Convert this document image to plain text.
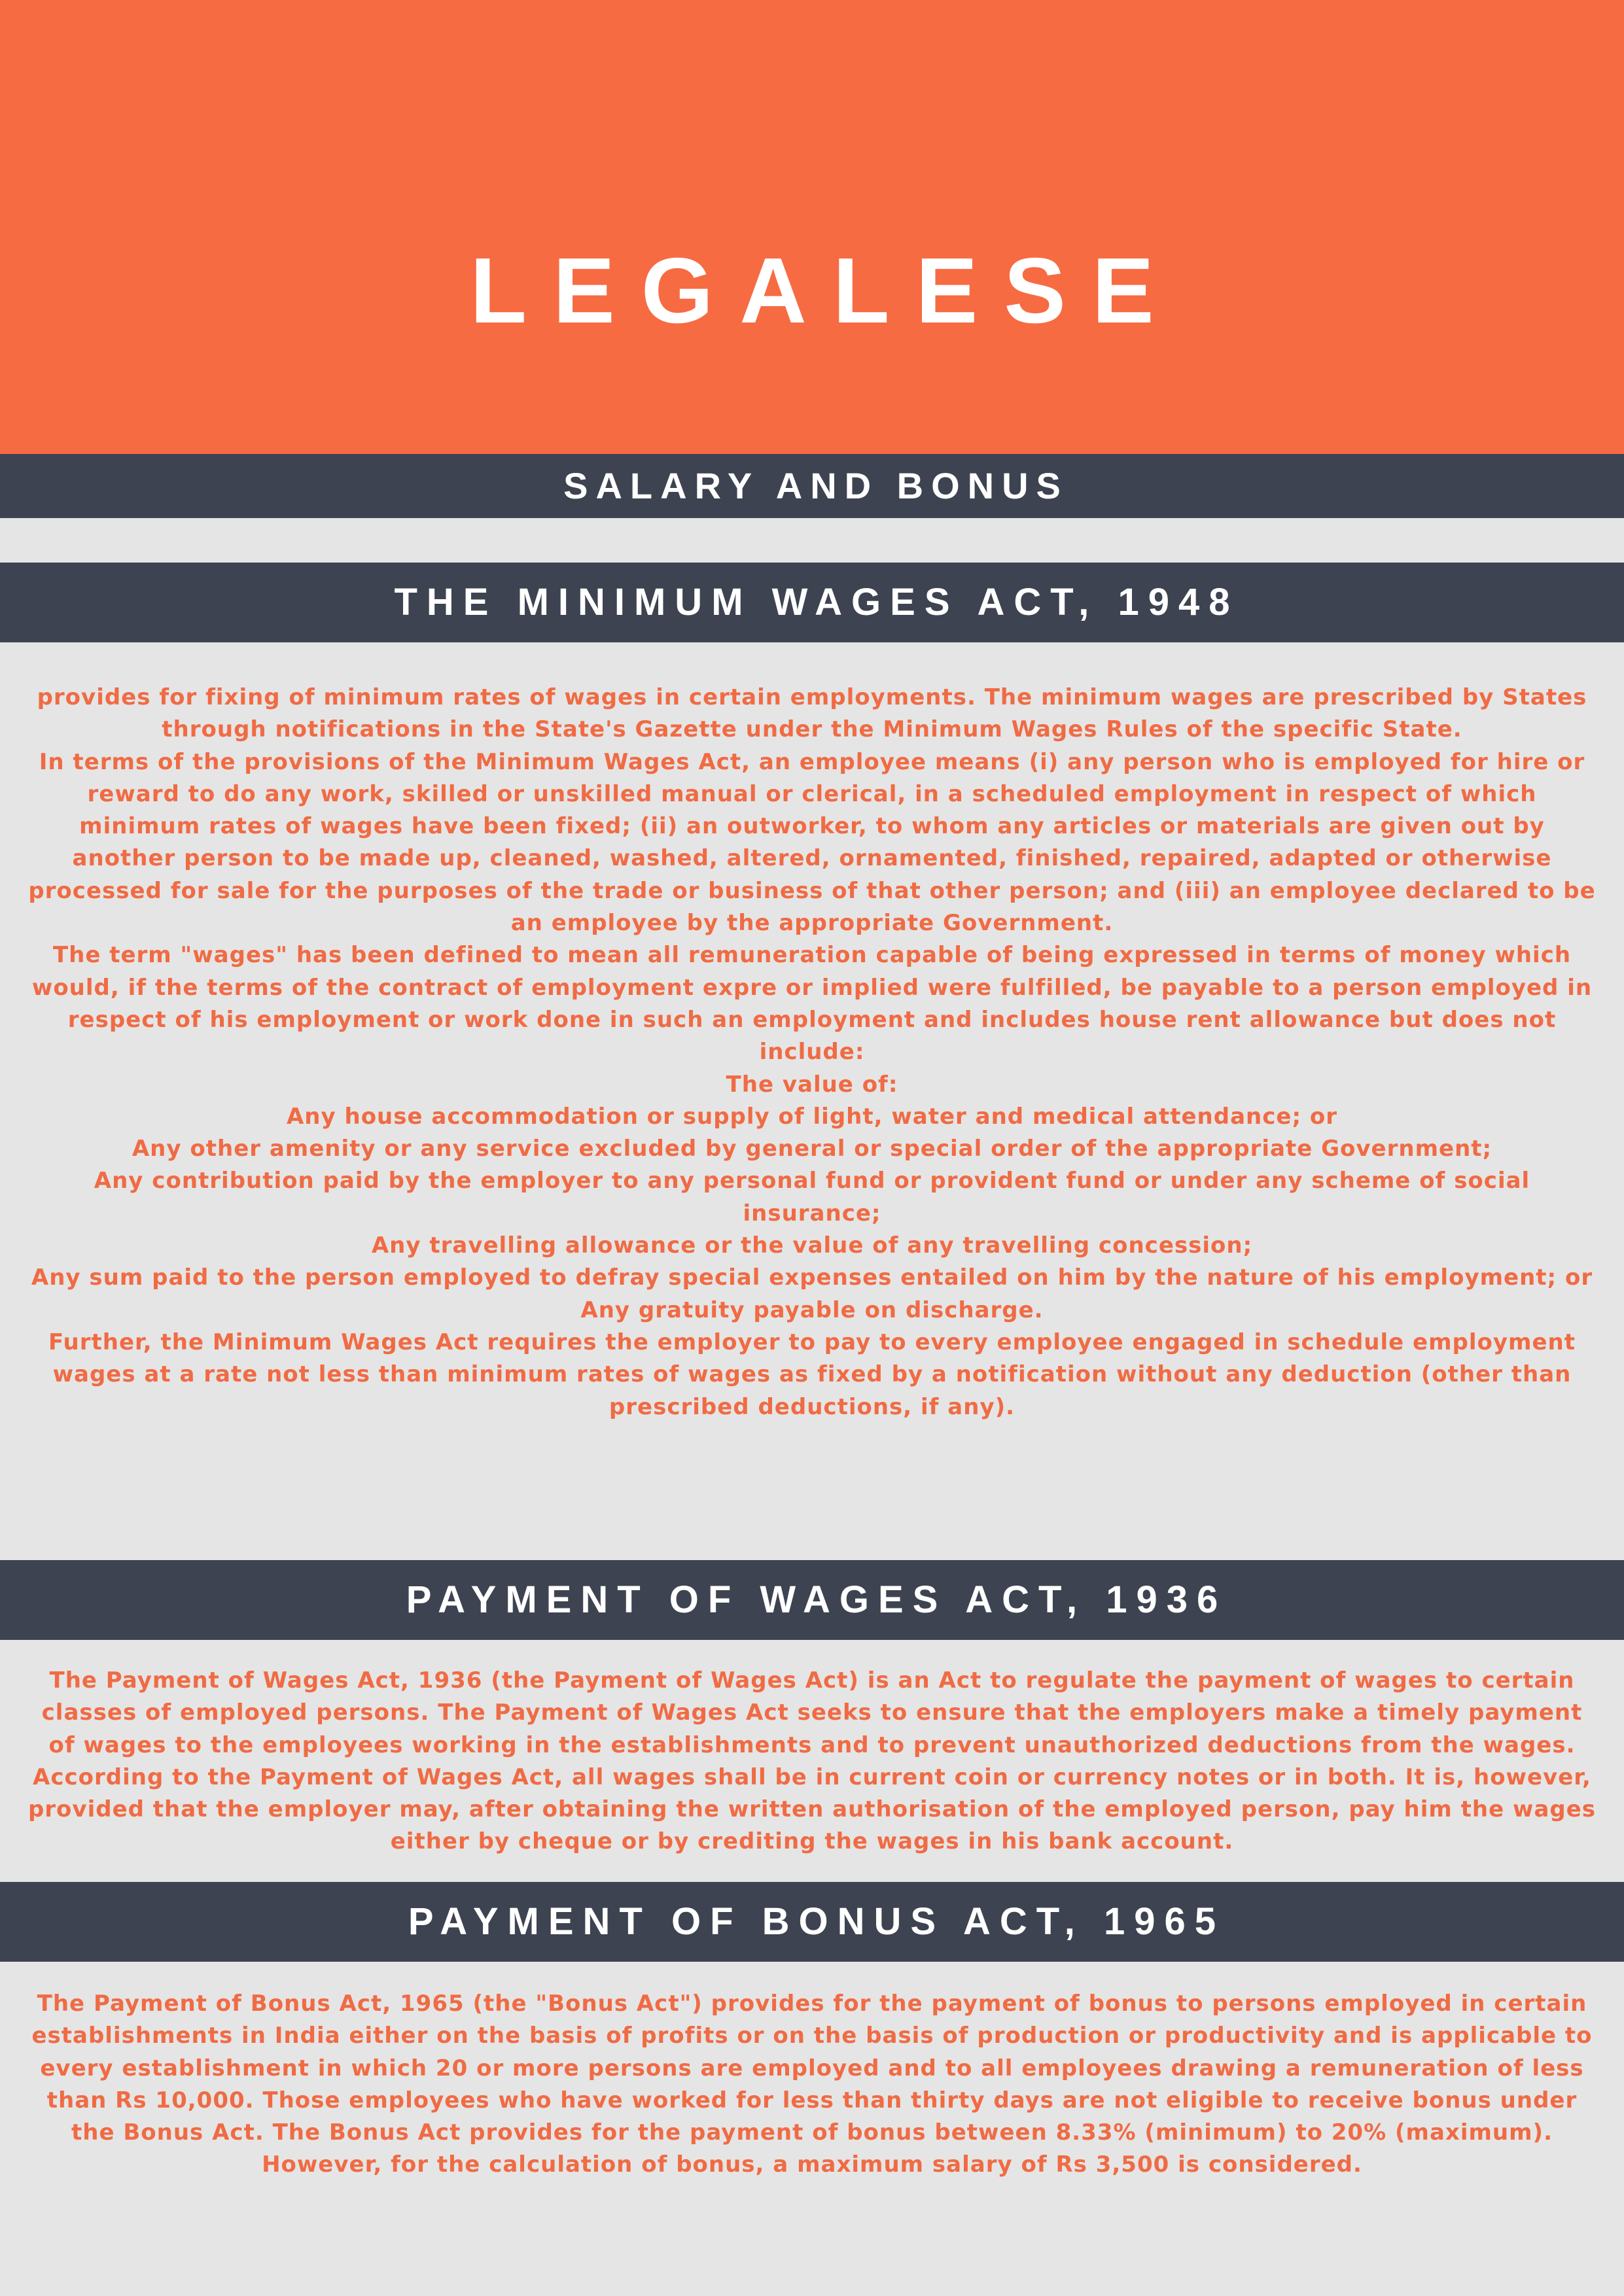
LEGALESE
SALARY AND BONUS
THE MINIMUM WAGES ACT, 1948

provides for fixing of minimum rates of wages in certain employments. The minimum wages are prescribed by States through notifications in the State's Gazette under the Minimum Wages Rules of the specific State.

In terms of the provisions of the Minimum Wages Act, an employee means (i) any person who is employed for hire or reward to do any work, skilled or unskilled manual or clerical, in a scheduled employment in respect of which minimum rates of wages have been fixed; (ii) an outworker, to whom any articles or materials are given out by another person to be made up, cleaned, washed, altered, ornamented, finished, repaired, adapted or otherwise processed for sale for the purposes of the trade or business of that other person; and (iii) an employee declared to be an employee by the appropriate Government.

The term "wages" has been defined to mean all remuneration capable of being expressed in terms of money which would, if the terms of the contract of employment expre or implied were fulfilled, be payable to a person employed in respect of his employment or work done in such an employment and includes house rent allowance but does not include:

The value of:

Any house accommodation or supply of light, water and medical attendance; or

Any other amenity or any service excluded by general or special order of the appropriate Government;

Any contribution paid by the employer to any personal fund or provident fund or under any scheme of social insurance;

Any travelling allowance or the value of any travelling concession;

Any sum paid to the person employed to defray special expenses entailed on him by the nature of his employment; or

Any gratuity payable on discharge.

Further, the Minimum Wages Act requires the employer to pay to every employee engaged in schedule employment wages at a rate not less than minimum rates of wages as fixed by a notification without any deduction (other than prescribed deductions, if any).

PAYMENT OF WAGES ACT, 1936

The Payment of Wages Act, 1936 (the Payment of Wages Act) is an Act to regulate the payment of wages to certain classes of employed persons. The Payment of Wages Act seeks to ensure that the employers make a timely payment of wages to the employees working in the establishments and to prevent unauthorized deductions from the wages. According to the Payment of Wages Act, all wages shall be in current coin or currency notes or in both. It is, however, provided that the employer may, after obtaining the written authorisation of the employed person, pay him the wages either by cheque or by crediting the wages in his bank account.

PAYMENT OF BONUS ACT, 1965

The Payment of Bonus Act, 1965 (the "Bonus Act") provides for the payment of bonus to persons employed in certain establishments in India either on the basis of profits or on the basis of production or productivity and is applicable to every establishment in which 20 or more persons are employed and to all employees drawing a remuneration of less than Rs 10,000. Those employees who have worked for less than thirty days are not eligible to receive bonus under the Bonus Act. The Bonus Act provides for the payment of bonus between 8.33% (minimum) to 20% (maximum). However, for the calculation of bonus, a maximum salary of Rs 3,500 is considered.
